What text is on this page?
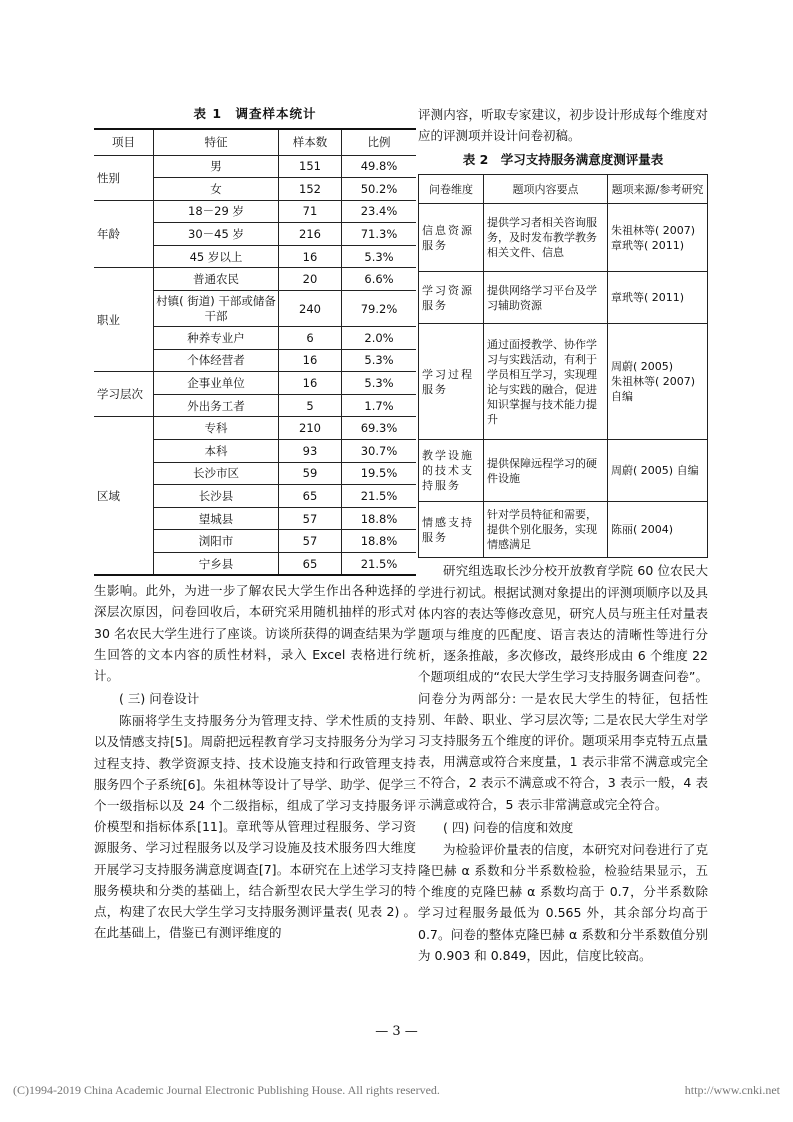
表 1　调查样本统计
项目	特征	样本数	比例
性别	男	151	49.8%
	女	152	50.2%
年龄	18－29 岁	71	23.4%
	30－45 岁	216	71.3%
	45 岁以上	16	5.3%
职业	普通农民	20	6.6%
	村镇( 街道) 干部或储备干部	240	79.2%
	种养专业户	6	2.0%
	个体经营者	16	5.3%
学习层次	企事业单位	16	5.3%
	外出务工者	5	1.7%
区域	专科	210	69.3%
	本科	93	30.7%
	长沙市区	59	19.5%
	长沙县	65	21.5%
	望城县	57	18.8%
	浏阳市	57	18.8%
	宁乡县	65	21.5%

生影响。此外，为进一步了解农民大学生作出各种选择的深层次原因，问卷回收后，本研究采用随机抽样的形式对 30 名农民大学生进行了座谈。访谈所获得的调查结果为学生回答的文本内容的质性材料，录入 Excel 表格进行统计。

( 三) 问卷设计

陈丽将学生支持服务分为管理支持、学术性质的支持以及情感支持[5]。周蔚把远程教育学习支持服务分为学习过程支持、教学资源支持、技术设施支持和行政管理支持服务四个子系统[6]。朱祖林等设计了导学、助学、促学三个一级指标以及 24 个二级指标，组成了学习支持服务评价模型和指标体系[11]。章玳等从管理过程服务、学习资源服务、学习过程服务以及学习设施及技术服务四大维度开展学习支持服务满意度调查[7]。本研究在上述学习支持服务模块和分类的基础上，结合新型农民大学生学习的特点，构建了农民大学生学习支持服务测评量表( 见表 2) 。在此基础上，借鉴已有测评维度的

评测内容，听取专家建议，初步设计形成每个维度对应的评测项并设计问卷初稿。

表 2　学习支持服务满意度测评量表
问卷维度	题项内容要点	题项来源/参考研究
信息资源服务	提供学习者相关咨询服务，及时发布教学教务相关文件、信息	朱祖林等( 2007)
章玳等( 2011)
学习资源服务	提供网络学习平台及学习辅助资源	章玳等( 2011)
学习过程服务	通过面授教学、协作学习与实践活动，有利于学员相互学习，实现理论与实践的融合，促进知识掌握与技术能力提升	周蔚( 2005)
朱祖林等( 2007)
自编
教学设施的技术支持服务	提供保障远程学习的硬件设施	周蔚( 2005) 自编
情感支持服务	针对学员特征和需要，提供个别化服务，实现情感满足	陈丽( 2004)

研究组选取长沙分校开放教育学院 60 位农民大学进行初试。根据试测对象提出的评测项顺序以及具体内容的表达等修改意见，研究人员与班主任对量表题项与维度的匹配度、语言表达的清晰性等进行分析，逐条推敲，多次修改，最终形成由 6 个维度 22 个题项组成的“农民大学生学习支持服务调查问卷”。问卷分为两部分: 一是农民大学生的特征，包括性别、年龄、职业、学习层次等; 二是农民大学生对学习支持服务五个维度的评价。题项采用李克特五点量表，用满意或符合来度量，1 表示非常不满意或完全不符合，2 表示不满意或不符合，3 表示一般，4 表示满意或符合，5 表示非常满意或完全符合。

( 四) 问卷的信度和效度

为检验评价量表的信度，本研究对问卷进行了克隆巴赫 α 系数和分半系数检验，检验结果显示，五个维度的克隆巴赫 α 系数均高于 0.7，分半系数除学习过程服务最低为 0.565 外，其余部分均高于 0.7。问卷的整体克隆巴赫 α 系数和分半系数值分别为 0.903 和 0.849，因此，信度比较高。

— 3 —
(C)1994-2019 China Academic Journal Electronic Publishing House. All rights reserved.	http://www.cnki.net
